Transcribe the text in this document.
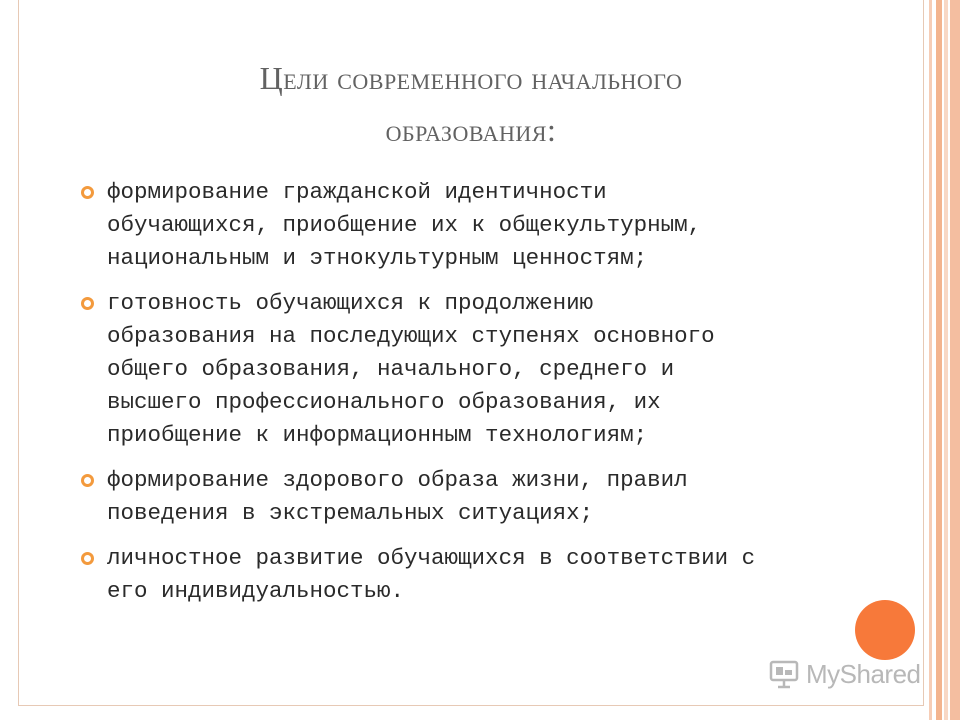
Цели современного начального
образования:
формирование гражданской идентичности
обучающихся, приобщение их к общекультурным,
национальным и этнокультурным ценностям;
готовность обучающихся к продолжению
образования на последующих ступенях основного
общего образования, начального, среднего и
высшего профессионального образования, их
приобщение к информационным технологиям;
формирование здорового образа жизни, правил
поведения в экстремальных ситуациях;
личностное развитие обучающихся в соответствии с
его индивидуальностью.
MyShared
